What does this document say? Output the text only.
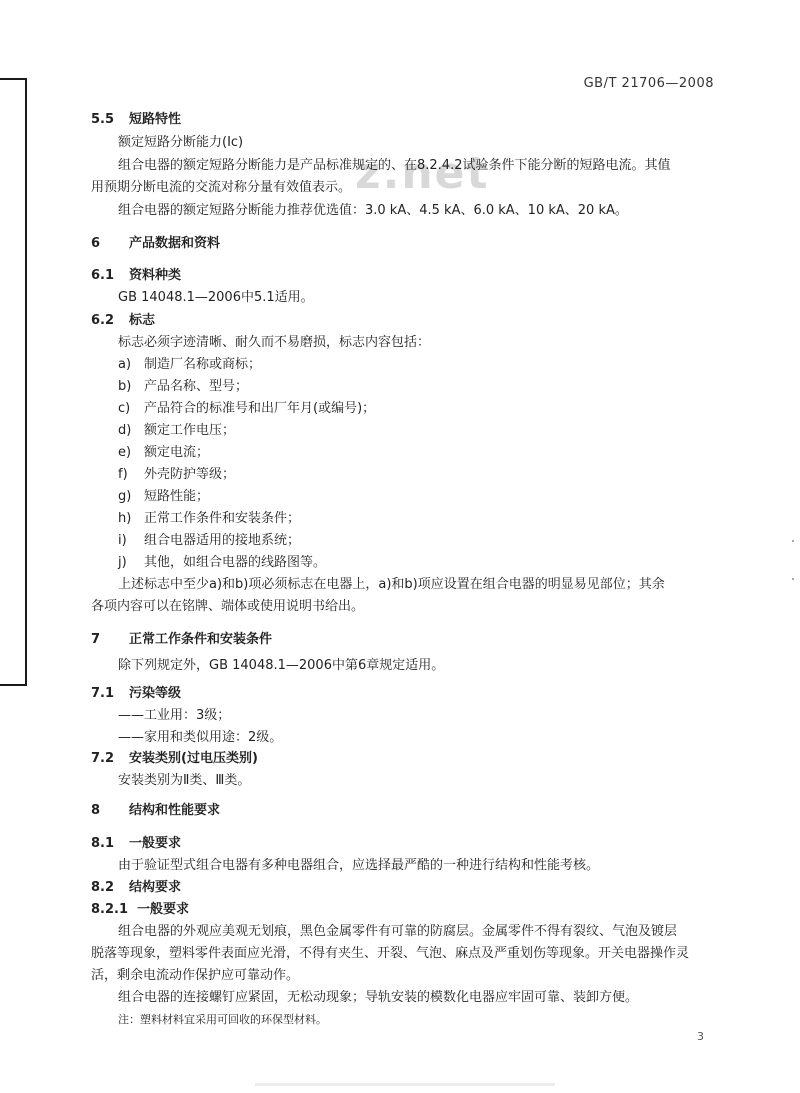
z.net
GB/T 21706—2008
5.5 短路特性
额定短路分断能力(Ic)
组合电器的额定短路分断能力是产品标准规定的、在8.2.4.2试验条件下能分断的短路电流。其值
用预期分断电流的交流对称分量有效值表示。
组合电器的额定短路分断能力推荐优选值：3.0 kA、4.5 kA、6.0 kA、10 kA、20 kA。
6 产品数据和资料
6.1 资料种类
GB 14048.1—2006中5.1适用。
6.2 标志
标志必须字迹清晰、耐久而不易磨损，标志内容包括：
a) 制造厂名称或商标；
b) 产品名称、型号；
c) 产品符合的标准号和出厂年月(或编号)；
d) 额定工作电压；
e) 额定电流；
f) 外壳防护等级；
g) 短路性能；
h) 正常工作条件和安装条件；
i) 组合电器适用的接地系统；
j) 其他，如组合电器的线路图等。
上述标志中至少a)和b)项必须标志在电器上，a)和b)项应设置在组合电器的明显易见部位；其余
各项内容可以在铭牌、端体或使用说明书给出。
7 正常工作条件和安装条件
除下列规定外，GB 14048.1—2006中第6章规定适用。
7.1 污染等级
——工业用：3级；
——家用和类似用途：2级。
7.2 安装类别(过电压类别)
安装类别为Ⅱ类、Ⅲ类。
8 结构和性能要求
8.1 一般要求
由于验证型式组合电器有多种电器组合，应选择最严酷的一种进行结构和性能考核。
8.2 结构要求
8.2.1 一般要求
组合电器的外观应美观无划痕，黑色金属零件有可靠的防腐层。金属零件不得有裂纹、气泡及镀层
脱落等现象，塑料零件表面应光滑，不得有夹生、开裂、气泡、麻点及严重划伤等现象。开关电器操作灵
活，剩余电流动作保护应可靠动作。
组合电器的连接螺钉应紧固，无松动现象；导轨安装的模数化电器应牢固可靠、装卸方便。
注：塑料材料宜采用可回收的环保型材料。
3
